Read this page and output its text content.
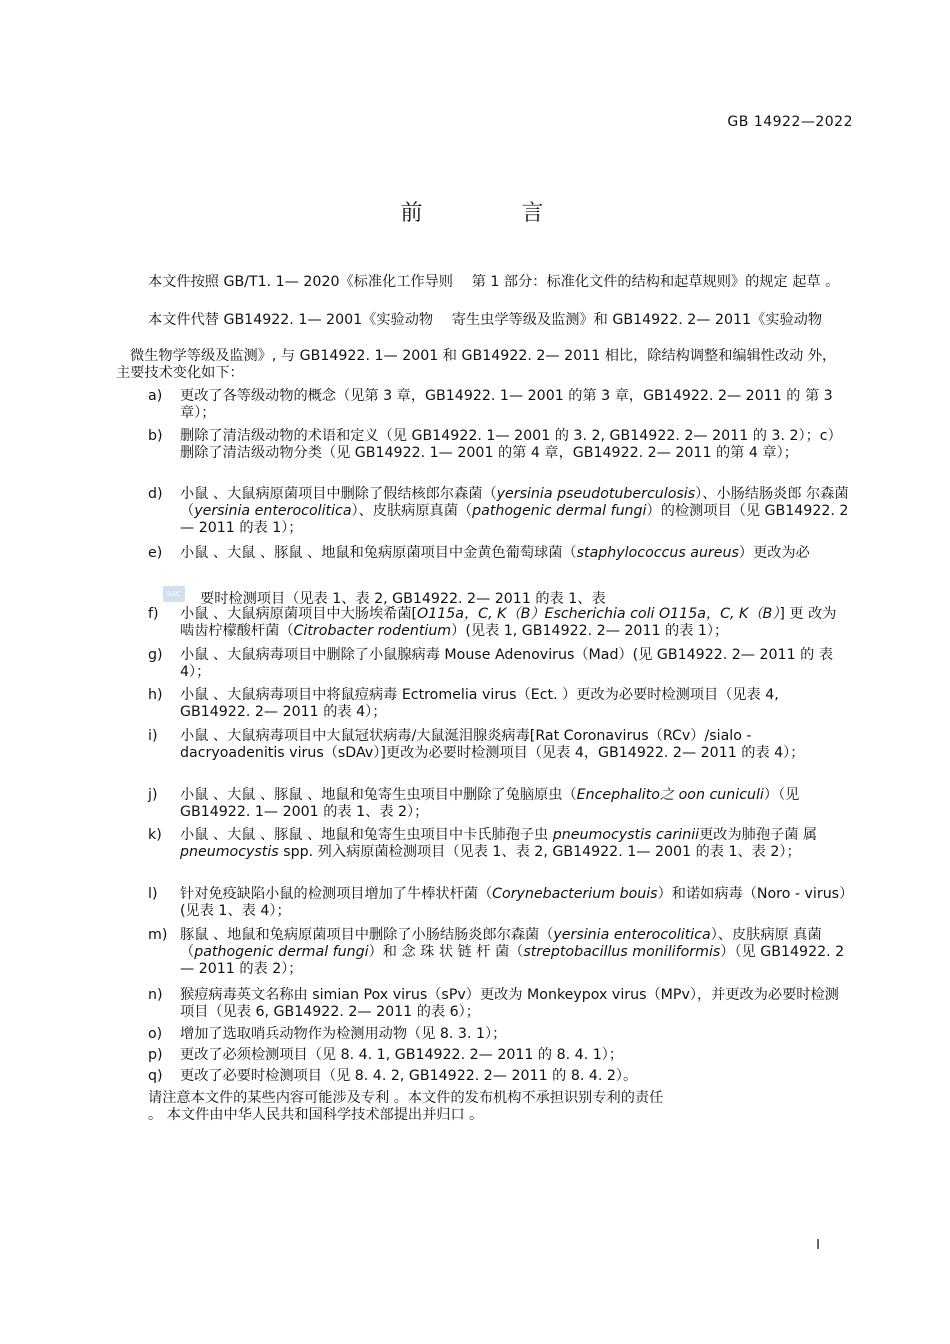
GB 14922—2022
前 言
本文件按照 GB/T1. 1— 2020《标准化工作导则　 第 1 部分：标准化文件的结构和起草规则》的规定 起草 。
本文件代替 GB14922. 1— 2001《实验动物　 寄生虫学等级及监测》和 GB14922. 2— 2011《实验动物
微生物学等级及监测》, 与 GB14922. 1— 2001 和 GB14922. 2— 2011 相比，除结构调整和编辑性改动 外，主要技术变化如下：
a)	更改了各等级动物的概念（见第 3 章，GB14922. 1— 2001 的第 3 章，GB14922. 2— 2011 的 第 3 章）；
b)	删除了清洁级动物的术语和定义（见 GB14922. 1— 2001 的 3. 2, GB14922. 2— 2011 的 3. 2）；c）　删除了清洁级动物分类（见 GB14922. 1— 2001 的第 4 章，GB14922. 2— 2011 的第 4 章）；
d)	小鼠 、大鼠病原菌项目中删除了假结核郎尔森菌（yersinia pseudotuberculosis）、小肠结肠炎郎 尔森菌（yersinia enterocolitica）、皮肤病原真菌（pathogenic dermal fungi）的检测项目（见 GB14922. 2— 2011 的表 1）；
e)	小鼠 、大鼠 、豚鼠 、地鼠和兔病原菌项目中金黄色葡萄球菌（staphylococcus aureus）更改为必
SAC 要时检测项目（见表 1、表 2, GB14922. 2— 2011 的表 1、表
f)	小鼠 、大鼠病原菌项目中大肠埃希菌[O115a，C, K（B）Escherichia coli O115a，C, K（B）] 更 改为啮齿柠檬酸杆菌（Citrobacter rodentium）(见表 1, GB14922. 2— 2011 的表 1）；
g)	小鼠 、大鼠病毒项目中删除了小鼠腺病毒 Mouse Adenovirus（Mad）(见 GB14922. 2— 2011 的 表 4）；
h)	小鼠 、大鼠病毒项目中将鼠痘病毒 Ectromelia virus（Ect. ）更改为必要时检测项目（见表 4, GB14922. 2— 2011 的表 4）；
i)	小鼠 、大鼠病毒项目中大鼠冠状病毒/大鼠涎泪腺炎病毒[Rat Coronavirus（RCv）/sialo - dacryoadenitis virus（sDAv）]更改为必要时检测项目（见表 4，GB14922. 2— 2011 的表 4）；
j)	小鼠 、大鼠 、豚鼠 、地鼠和兔寄生虫项目中删除了兔脑原虫（Encephalito之 oon cuniculi）（见 GB14922. 1— 2001 的表 1、表 2）；
k)	小鼠 、大鼠 、豚鼠 、地鼠和兔寄生虫项目中卡氏肺孢子虫 pneumocystis carinii更改为肺孢子菌 属 pneumocystis spp. 列入病原菌检测项目（见表 1、表 2, GB14922. 1— 2001 的表 1、表 2）；
l)	针对免疫缺陷小鼠的检测项目增加了牛棒状杆菌（Corynebacterium bouis）和诺如病毒（Noro - virus）(见表 1、表 4）；
m) 豚鼠 、地鼠和兔病原菌项目中删除了小肠结肠炎郎尔森菌（yersinia enterocolitica）、皮肤病原 真菌 （pathogenic dermal fungi）和 念 珠 状 链 杆 菌（streptobacillus moniliformis）（见 GB14922. 2— 2011 的表 2）；
n)	猴痘病毒英文名称由 simian Pox virus（sPv）更改为 Monkeypox virus（MPv），并更改为必要时检测项目（见表 6, GB14922. 2— 2011 的表 6）；
o)	增加了选取哨兵动物作为检测用动物（见 8. 3. 1）；
p)	更改了必须检测项目（见 8. 4. 1, GB14922. 2— 2011 的 8. 4. 1）；
q)	更改了必要时检测项目（见 8. 4. 2, GB14922. 2— 2011 的 8. 4. 2）。
请注意本文件的某些内容可能涉及专利 。本文件的发布机构不承担识别专利的责任
。 本文件由中华人民共和国科学技术部提出并归口 。
I
